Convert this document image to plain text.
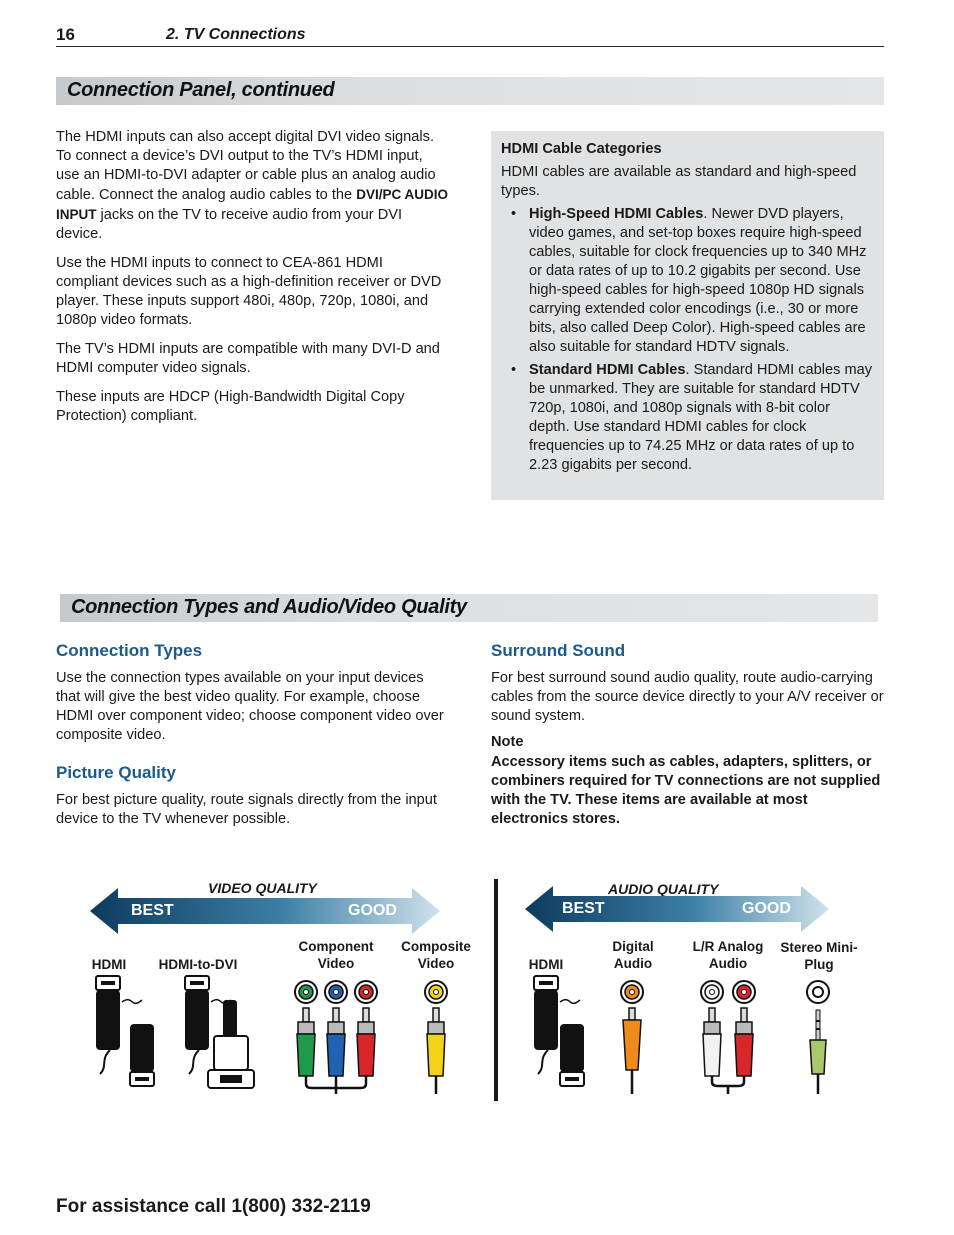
16	2. TV Connections
Connection Panel, continued

The HDMI inputs can also accept digital DVI video signals. To connect a device’s DVI output to the TV’s HDMI input, use an HDMI-to-DVI adapter or cable plus an analog audio cable. Connect the analog audio cables to the DVI/PC AUDIO INPUT jacks on the TV to receive audio from your DVI device.

Use the HDMI inputs to connect to CEA-861 HDMI compliant devices such as a high-definition receiver or DVD player. These inputs support 480i, 480p, 720p, 1080i, and 1080p video formats.

The TV’s HDMI inputs are compatible with many DVI-D and HDMI computer video signals.

These inputs are HDCP (High-Bandwidth Digital Copy Protection) compliant.

HDMI Cable Categories
HDMI cables are available as standard and high-speed types.
• High-Speed HDMI Cables. Newer DVD players, video games, and set-top boxes require high-speed cables, suitable for clock frequencies up to 340 MHz or data rates of up to 10.2 gigabits per second. Use high-speed cables for high-speed 1080p HD signals carrying extended color encodings (i.e., 30 or more bits, also called Deep Color). High-speed cables are also suitable for standard HDTV signals.
• Standard HDMI Cables. Standard HDMI cables may be unmarked. They are suitable for standard HDTV 720p, 1080i, and 1080p signals with 8-bit color depth. Use standard HDMI cables for clock frequencies up to 74.25 MHz or data rates of up to 2.23 gigabits per second.
Connection Types and Audio/Video Quality
Connection Types
Use the connection types available on your input devices that will give the best video quality. For example, choose HDMI over component video; choose component video over composite video.
Picture Quality
For best picture quality, route signals directly from the input device to the TV whenever possible.
Surround Sound
For best surround sound audio quality, route audio-carrying cables from the source device directly to your A/V receiver or sound system.
Note
Accessory items such as cables, adapters, splitters, or combiners required for TV connections are not supplied with the TV. These items are available at most electronics stores.
VIDEO QUALITY
BEST	GOOD
HDMI	HDMI-to-DVI
Component Video
Composite Video
AUDIO QUALITY
BEST	GOOD
HDMI
Digital Audio
L/R Analog Audio
Stereo Mini-Plug
For assistance call 1(800) 332-2119
